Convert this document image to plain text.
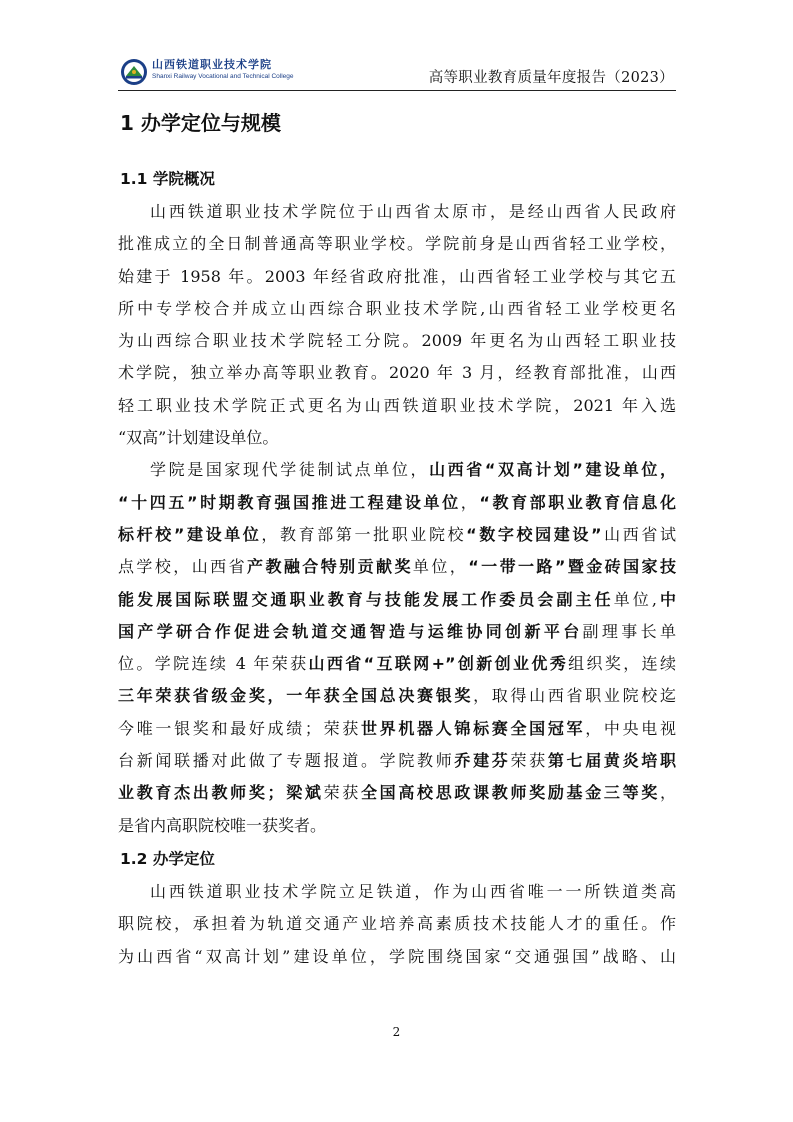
山西铁道职业技术学院
Shanxi Railway Vocational and Technical College	高等职业教育质量年度报告（2023）
1 办学定位与规模
1.1 学院概况

山西铁道职业技术学院位于山西省太原市，是经山西省人民政府
批准成立的全日制普通高等职业学校。学院前身是山西省轻工业学校，
始建于 1958 年。2003 年经省政府批准，山西省轻工业学校与其它五
所中专学校合并成立山西综合职业技术学院,山西省轻工业学校更名
为山西综合职业技术学院轻工分院。2009 年更名为山西轻工职业技
术学院，独立举办高等职业教育。2020 年 3 月，经教育部批准，山西
轻工职业技术学院正式更名为山西铁道职业技术学院，2021 年入选
“双高”计划建设单位。

学院是国家现代学徒制试点单位，山西省“双高计划”建设单位，
“十四五”时期教育强国推进工程建设单位，“教育部职业教育信息化
标杆校”建设单位，教育部第一批职业院校“数字校园建设”山西省试
点学校，山西省产教融合特别贡献奖单位，“一带一路”暨金砖国家技
能发展国际联盟交通职业教育与技能发展工作委员会副主任单位,中
国产学研合作促进会轨道交通智造与运维协同创新平台副理事长单
位。学院连续 4 年荣获山西省“互联网+”创新创业优秀组织奖，连续
三年荣获省级金奖，一年获全国总决赛银奖，取得山西省职业院校迄
今唯一银奖和最好成绩；荣获世界机器人锦标赛全国冠军，中央电视
台新闻联播对此做了专题报道。学院教师乔建芬荣获第七届黄炎培职
业教育杰出教师奖；梁斌荣获全国高校思政课教师奖励基金三等奖，
是省内高职院校唯一获奖者。

1.2 办学定位

山西铁道职业技术学院立足铁道，作为山西省唯一一所铁道类高
职院校，承担着为轨道交通产业培养高素质技术技能人才的重任。作
为山西省“双高计划”建设单位，学院围绕国家“交通强国”战略、山

2
